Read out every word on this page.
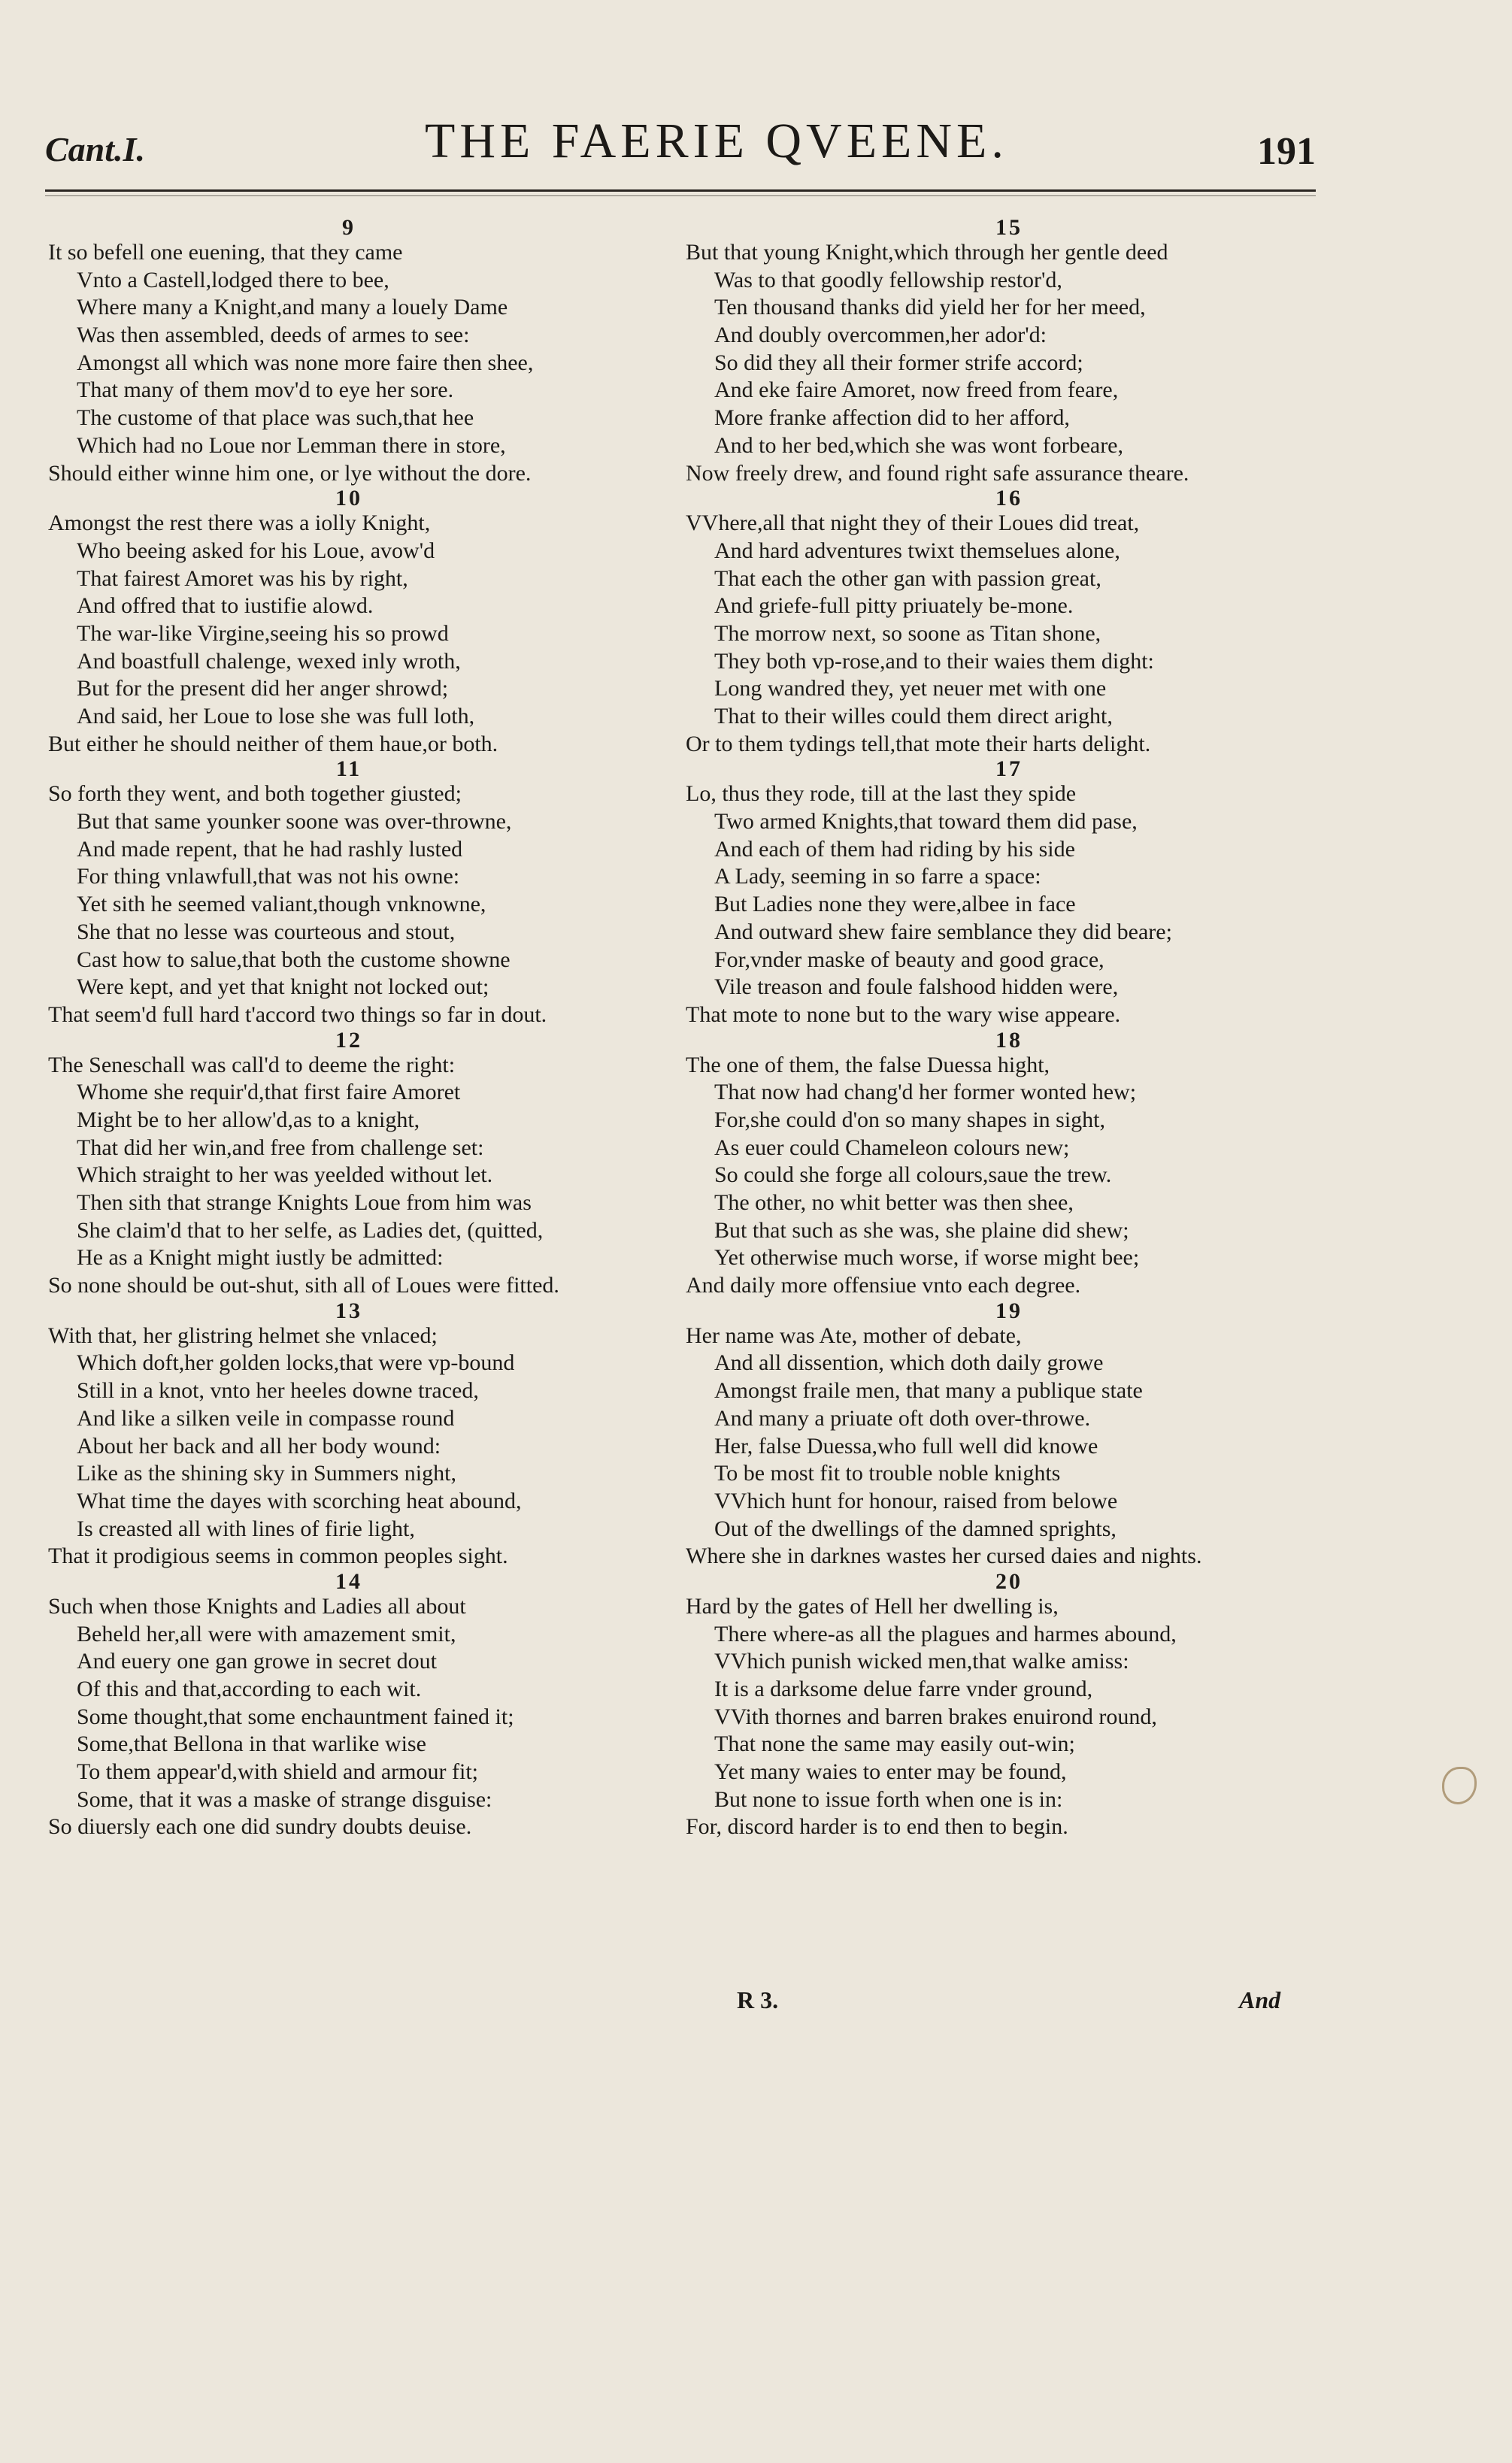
Cant.I.	THE FAERIE QVEENE.	191
9
It so befell one euening, that they came
Vnto a Castell,lodged there to bee,
Where many a Knight,and many a louely Dame
Was then assembled, deeds of armes to see:
Amongst all which was none more faire then shee,
That many of them mov'd to eye her sore.
The custome of that place was such,that hee
Which had no Loue nor Lemman there in store,
Should either winne him one, or lye without the dore.
10
Amongst the rest there was a iolly Knight,
Who beeing asked for his Loue, avow'd
That fairest Amoret was his by right,
And offred that to iustifie alowd.
The war-like Virgine,seeing his so prowd
And boastfull chalenge, wexed inly wroth,
But for the present did her anger shrowd;
And said, her Loue to lose she was full loth,
But either he should neither of them haue,or both.
11
So forth they went, and both together giusted;
But that same younker soone was over-throwne,
And made repent, that he had rashly lusted
For thing vnlawfull,that was not his owne:
Yet sith he seemed valiant,though vnknowne,
She that no lesse was courteous and stout,
Cast how to salue,that both the custome showne
Were kept, and yet that knight not locked out;
That seem'd full hard t'accord two things so far in dout.
12
The Seneschall was call'd to deeme the right:
Whome she requir'd,that first faire Amoret
Might be to her allow'd,as to a knight,
That did her win,and free from challenge set:
Which straight to her was yeelded without let.
Then sith that strange Knights Loue from him was
She claim'd that to her selfe, as Ladies det, (quitted,
He as a Knight might iustly be admitted:
So none should be out-shut, sith all of Loues were fitted.
13
With that, her glistring helmet she vnlaced;
Which doft,her golden locks,that were vp-bound
Still in a knot, vnto her heeles downe traced,
And like a silken veile in compasse round
About her back and all her body wound:
Like as the shining sky in Summers night,
What time the dayes with scorching heat abound,
Is creasted all with lines of firie light,
That it prodigious seems in common peoples sight.
14
Such when those Knights and Ladies all about
Beheld her,all were with amazement smit,
And euery one gan growe in secret dout
Of this and that,according to each wit.
Some thought,that some enchauntment fained it;
Some,that Bellona in that warlike wise
To them appear'd,with shield and armour fit;
Some, that it was a maske of strange disguise:
So diuersly each one did sundry doubts deuise.
15
But that young Knight,which through her gentle deed
Was to that goodly fellowship restor'd,
Ten thousand thanks did yield her for her meed,
And doubly overcommen,her ador'd:
So did they all their former strife accord;
And eke faire Amoret, now freed from feare,
More franke affection did to her afford,
And to her bed,which she was wont forbeare,
Now freely drew, and found right safe assurance theare.
16
VVhere,all that night they of their Loues did treat,
And hard adventures twixt themselues alone,
That each the other gan with passion great,
And griefe-full pitty priuately be-mone.
The morrow next, so soone as Titan shone,
They both vp-rose,and to their waies them dight:
Long wandred they, yet neuer met with one
That to their willes could them direct aright,
Or to them tydings tell,that mote their harts delight.
17
Lo, thus they rode, till at the last they spide
Two armed Knights,that toward them did pase,
And each of them had riding by his side
A Lady, seeming in so farre a space:
But Ladies none they were,albee in face
And outward shew faire semblance they did beare;
For,vnder maske of beauty and good grace,
Vile treason and foule falshood hidden were,
That mote to none but to the wary wise appeare.
18
The one of them, the false Duessa hight,
That now had chang'd her former wonted hew;
For,she could d'on so many shapes in sight,
As euer could Chameleon colours new;
So could she forge all colours,saue the trew.
The other, no whit better was then shee,
But that such as she was, she plaine did shew;
Yet otherwise much worse, if worse might bee;
And daily more offensiue vnto each degree.
19
Her name was Ate, mother of debate,
And all dissention, which doth daily growe
Amongst fraile men, that many a publique state
And many a priuate oft doth over-throwe.
Her, false Duessa,who full well did knowe
To be most fit to trouble noble knights
VVhich hunt for honour, raised from belowe
Out of the dwellings of the damned sprights,
Where she in darknes wastes her cursed daies and nights.
20
Hard by the gates of Hell her dwelling is,
There where-as all the plagues and harmes abound,
VVhich punish wicked men,that walke amiss:
It is a darksome delue farre vnder ground,
VVith thornes and barren brakes enuirond round,
That none the same may easily out-win;
Yet many waies to enter may be found,
But none to issue forth when one is in:
For, discord harder is to end then to begin.
R 3.	And
